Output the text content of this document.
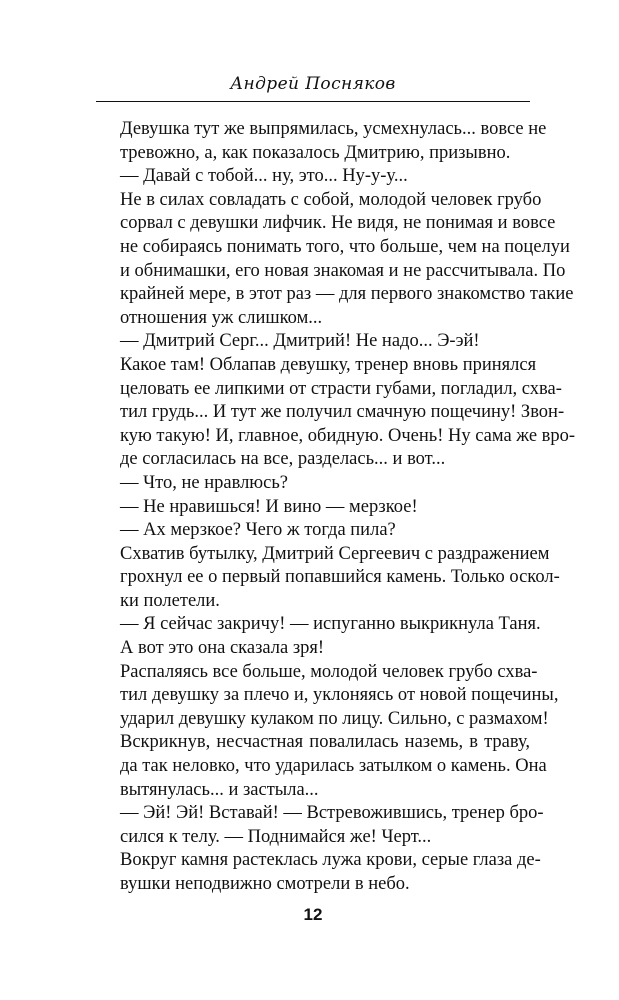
Андрей Посняков

Девушка тут же выпрямилась, усмехнулась... вовсе не
тревожно, а, как показалось Дмитрию, призывно.

— Давай с тобой... ну, это... Ну-у-у...

Не в силах совладать с собой, молодой человек грубо
сорвал с девушки лифчик. Не видя, не понимая и вовсе
не собираясь понимать того, что больше, чем на поцелуи
и обнимашки, его новая знакомая и не рассчитывала. По
крайней мере, в этот раз — для первого знакомство такие
отношения уж слишком...

— Дмитрий Серг... Дмитрий! Не надо... Э-эй!

Какое там! Облапав девушку, тренер вновь принялся
целовать ее липкими от страсти губами, погладил, схва-
тил грудь... И тут же получил смачную пощечину! Звон-
кую такую! И, главное, обидную. Очень! Ну сама же вро-
де согласилась на все, разделась... и вот...

— Что, не нравлюсь?

— Не нравишься! И вино — мерзкое!

— Ах мерзкое? Чего ж тогда пила?

Схватив бутылку, Дмитрий Сергеевич с раздражением
грохнул ее о первый попавшийся камень. Только оскол-
ки полетели.

— Я сейчас закричу! — испуганно выкрикнула Таня.

А вот это она сказала зря!

Распаляясь все больше, молодой человек грубо схва-
тил девушку за плечо и, уклоняясь от новой пощечины,
ударил девушку кулаком по лицу. Сильно, с размахом!

Вскрикнув, несчастная повалилась наземь, в траву,
да так неловко, что ударилась затылком о камень. Она
вытянулась... и застыла...

— Эй! Эй! Вставай! — Встревожившись, тренер бро-
сился к телу. — Поднимайся же! Черт...

Вокруг камня растеклась лужа крови, серые глаза де-
вушки неподвижно смотрели в небо.

12
